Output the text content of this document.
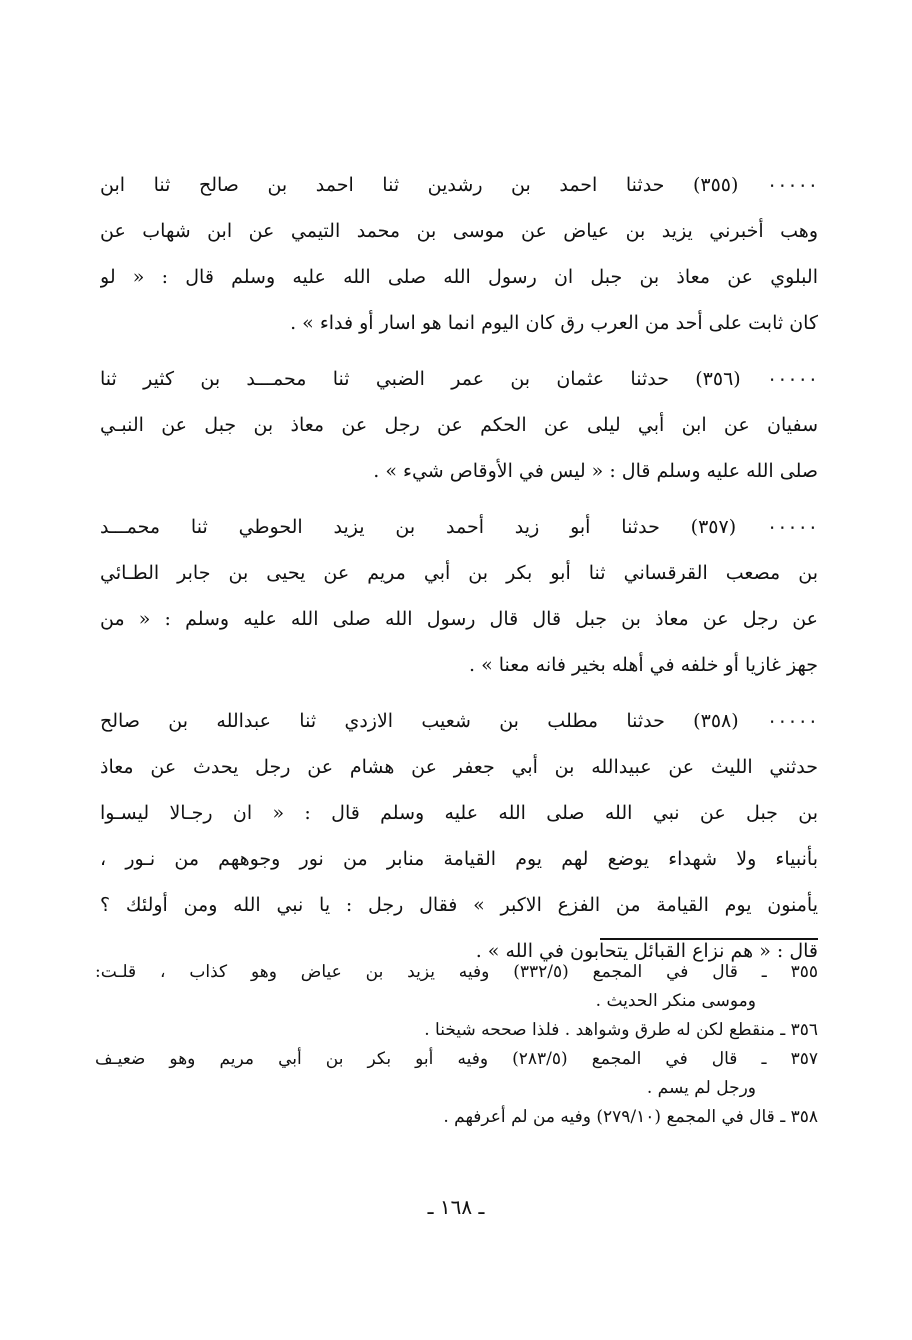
٠٠٠٠٠ (٣٥٥) حدثنا احمد بن رشدين ثنا احمد بن صالح ثنا ابن
وهب أخبرني يزيد بن عياض عن موسى بن محمد التيمي عن ابن شهاب عن
البلوي عن معاذ بن جبل ان رسول الله صلى الله عليه وسلم قال : « لو
كان ثابت على أحد من العرب رق كان اليوم انما هو اسار أو فداء » .
٠٠٠٠٠ (٣٥٦) حدثنا عثمان بن عمر الضبي ثنا محمـــد بن كثير ثنا
سفيان عن ابن أبي ليلى عن الحكم عن رجل عن معاذ بن جبل عن النبـي
صلى الله عليه وسلم قال : « ليس في الأوقاص شيء » .
٠٠٠٠٠ (٣٥٧) حدثنا أبو زيد أحمد بن يزيد الحوطي ثنا محمـــد
بن مصعب القرقساني ثنا أبو بكر بن أبي مريم عن يحيى بن جابر الطـائي
عن رجل عن معاذ بن جبل قال قال رسول الله صلى الله عليه وسلم : « من
جهز غازيا أو خلفه في أهله بخير فانه معنا » .
٠٠٠٠٠ (٣٥٨) حدثنا مطلب بن شعيب الازدي ثنا عبدالله بن صالح
حدثني الليث عن عبيدالله بن أبي جعفر عن هشام عن رجل يحدث عن معاذ
بن جبل عن نبي الله صلى الله عليه وسلم قال : « ان رجـالا ليسـوا
بأنبياء ولا شهداء يوضع لهم يوم القيامة منابر من نور وجوههم من نـور ،
يأمنون يوم القيامة من الفزع الاكبر » فقال رجل : يا نبي الله ومن أولئك ؟
قال : « هم نزاع القبائل يتحابون في الله » .
٣٥٥ ـ قال في المجمع (٣٣٢/٥) وفيه يزيد بن عياض وهو كذاب ، قلـت:
وموسى منكر الحديث .
٣٥٦ ـ منقطع لكن له طرق وشواهد . فلذا صححه شيخنا .
٣٥٧ ـ قال في المجمع (٢٨٣/٥) وفيه أبو بكر بن أبي مريم وهو ضعيـف
ورجل لم يسم .
٣٥٨ ـ قال في المجمع (٢٧٩/١٠) وفيه من لم أعرفهم .
ـ ١٦٨ ـ
